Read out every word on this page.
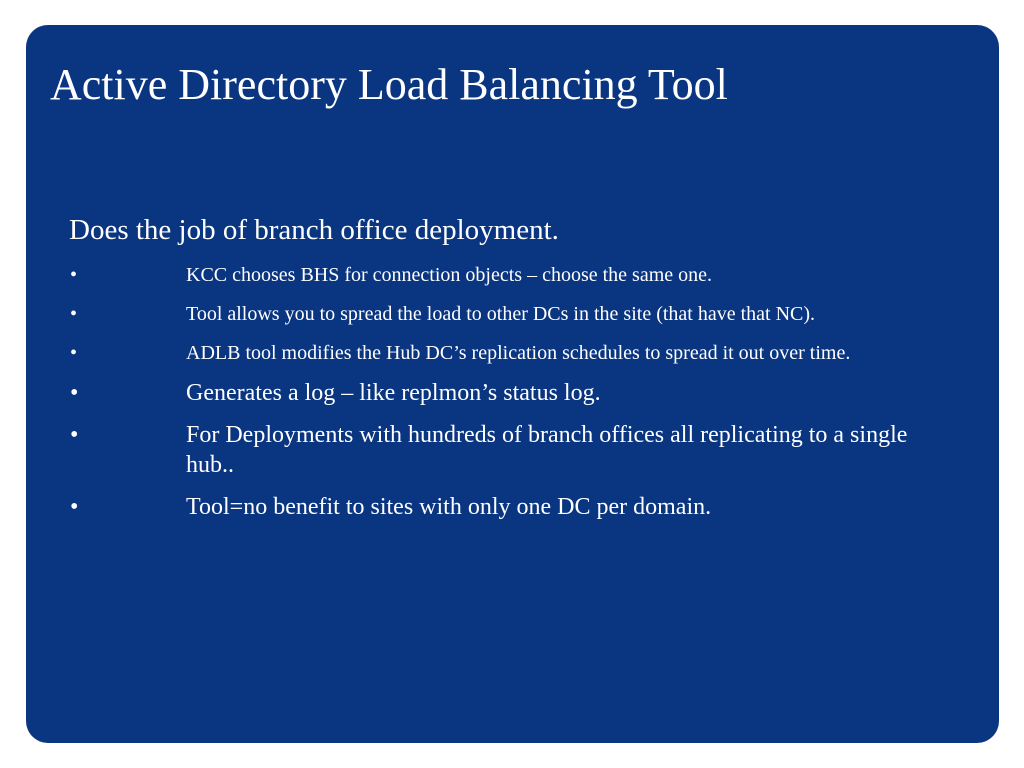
Active Directory Load Balancing Tool

Does the job of branch office deployment.

•	KCC chooses BHS for connection objects – choose the same one.
•	Tool allows you to spread the load to other DCs in the site (that have that NC).
•	ADLB tool modifies the Hub DC’s replication schedules to spread it out over time.
•	Generates a log – like replmon’s status log.
•	For Deployments with hundreds of branch offices all replicating to a single hub..
•	Tool=no benefit to sites with only one DC per domain.
